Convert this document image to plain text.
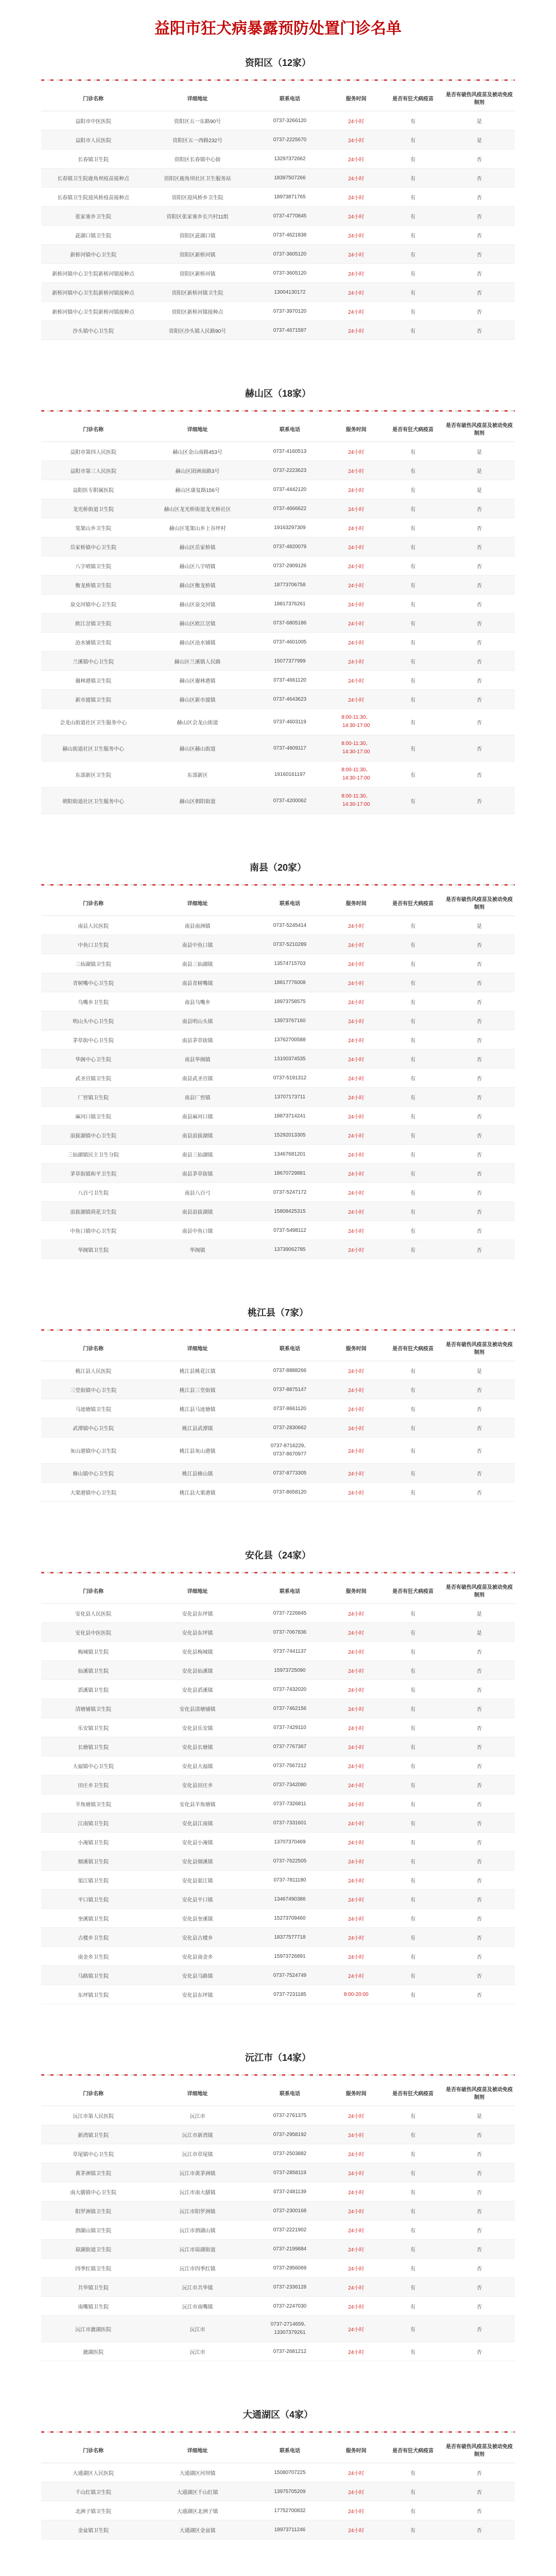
益阳市狂犬病暴露预防处置门诊名单
资阳区（12家）
门诊名称	详细地址	联系电话	服务时间	是否有狂犬病疫苗	是否有破伤风疫苗及被动免疫制剂
益阳市中医医院	资阳区五一东路90号	0737-3266120	24小时	有	是
益阳市人民医院	资阳区五一西路232号	0737-2225670	24小时	有	是
长春镇卫生院	资阳区长春镇中心街	13297372662	24小时	有	否
长春镇卫生院鹿角坝疫苗接种点	资阳区鹿角坝社区卫生服务站	18397507266	24小时	有	否
长春镇卫生院迎风桥疫苗接种点	资阳区迎风桥乡卫生院	18973871765	24小时	有	否
张家塞乡卫生院	资阳区张家塞乡长兴村11组	0737-4770845	24小时	有	否
茈湖口镇卫生院	资阳区茈湖口镇	0737-4621838	24小时	有	否
新桥河镇中心卫生院	资阳区新桥河镇	0737-3605120	24小时	有	否
新桥河镇中心卫生院新桥河镇接种点	资阳区新桥河镇	0737-3605120	24小时	有	否
新桥河镇中心卫生院新桥河镇接种点	资阳区新桥河镇卫生院	13004130172	24小时	有	否
新桥河镇中心卫生院新桥河镇接种点	资阳区新桥河镇接种点	0737-3970120	24小时	有	否
沙头镇中心卫生院	资阳区沙头镇人民路90号	0737-4671587	24小时	有	否
赫山区（18家）
门诊名称	详细地址	联系电话	服务时间	是否有狂犬病疫苗	是否有破伤风疫苗及被动免疫制剂
益阳市第四人民医院	赫山区金山南路453号	0737-4160513	24小时	有	是
益阳市第三人民医院	赫山区团洲南路3号	0737-2223623	24小时	有	是
益阳医专附属医院	赫山区康复路156号	0737-4442120	24小时	有	是
龙光桥街道卫生院	赫山区龙光桥街道龙光桥社区	0737-4666622	24小时	有	否
笔架山乡卫生院	赫山区笔架山乡上谷坪村	19163297309	24小时	有	否
岳家桥镇中心卫生院	赫山区岳家桥镇	0737-4820079	24小时	有	否
八字哨镇卫生院	赫山区八字哨镇	0737-2909126	24小时	有	否
衡龙桥镇卫生院	赫山区衡龙桥镇	18773706758	24小时	有	否
泉交河镇中心卫生院	赫山区泉交河镇	18817376261	24小时	有	否
欧江岔镇卫生院	赫山区欧江岔镇	0737-6805186	24小时	有	否
沧水铺镇卫生院	赫山区沧水铺镇	0737-4601005	24小时	有	否
兰溪镇中心卫生院	赫山区兰溪镇人民路	15077377999	24小时	有	否
谢林港镇卫生院	赫山区谢林港镇	0737-4661120	24小时	有	否
新市渡镇卫生院	赫山区新市渡镇	0737-4643623	24小时	有	否
会龙山街道社区卫生服务中心	赫山区会龙山街道	0737-4603119	8:00-11:30、
14:30-17:00	有	否
赫山街道社区卫生服务中心	赫山区赫山街道	0737-4609117	8:00-11:30、
14:30-17:00	有	否
东部新区卫生院	东部新区	19160161197	8:00-11:30、
14:30-17:00	有	否
朝阳街道社区卫生服务中心	赫山区朝阳街道	0737-4200062	8:00-11:30、
14:30-17:00	有	否
南县（20家）
门诊名称	详细地址	联系电话	服务时间	是否有狂犬病疫苗	是否有破伤风疫苗及被动免疫制剂
南县人民医院	南县南洲镇	0737-5245414	24小时	有	是
中鱼口卫生院	南县中鱼口镇	0737-5210289	24小时	有	否
三仙湖镇卫生院	南县三仙湖镇	13574715703	24小时	有	否
青树嘴中心卫生院	南县青树嘴镇	18817776008	24小时	有	否
乌嘴乡卫生院	南县乌嘴乡	18973758575	24小时	有	否
明山头中心卫生院	南县明山头镇	13973767160	24小时	有	否
茅草街中心卫生院	南县茅草街镇	13762700588	24小时	有	否
华阁中心卫生院	南县华阁镇	13100374535	24小时	有	否
武圣宫镇卫生院	南县武圣宫镇	0737-5191312	24小时	有	否
厂窖镇卫生院	南县厂窖镇	13707173711	24小时	有	否
麻河口镇卫生院	南县麻河口镇	18873714241	24小时	有	否
浪拔湖镇中心卫生院	南县浪拔湖镇	15292013305	24小时	有	否
三仙湖镇民主卫生分院	南县三仙湖镇	13467681201	24小时	有	否
茅草街镇和平卫生院	南县茅草街镇	18670729881	24小时	有	否
八百弓卫生院	南县八百弓	0737-5247172	24小时	有	否
浪拔湖镇荷花卫生院	南县浪拔湖镇	15808425315	24小时	有	否
中鱼口镇中心卫生院	南县中鱼口镇	0737-5498112	24小时	有	否
华阁镇卫生院	华阁镇	13739062785	24小时	有	否
桃江县（7家）
门诊名称	详细地址	联系电话	服务时间	是否有狂犬病疫苗	是否有破伤风疫苗及被动免疫制剂
桃江县人民医院	桃江县桃花江镇	0737-8888266	24小时	有	是
三堂街镇中心卫生院	桃江县三堂街镇	0737-8875147	24小时	有	否
马迹塘镇卫生院	桃江县马迹塘镇	0737-8661120	24小时	有	否
武潭镇中心卫生院	桃江县武潭镇	0737-2830662	24小时	有	否
灰山港镇中心卫生院	桃江县灰山港镇	0737-8716229、
0737-8670977	24小时	有	否
修山镇中心卫生院	桃江县修山镇	0737-8773305	24小时	有	否
大栗港镇中心卫生院	桃江县大栗港镇	0737-8658120	24小时	有	否
安化县（24家）
门诊名称	详细地址	联系电话	服务时间	是否有狂犬病疫苗	是否有破伤风疫苗及被动免疫制剂
安化县人民医院	安化县东坪镇	0737-7226845	24小时	有	是
安化县中医医院	安化县东坪镇	0737-7067836	24小时	有	是
梅城镇卫生院	安化县梅城镇	0737-7441137	24小时	有	否
仙溪镇卫生院	安化县仙溪镇	15973725090	24小时	有	否
滔溪镇卫生院	安化县滔溪镇	0737-7432020	24小时	有	否
清塘铺镇卫生院	安化县清塘铺镇	0737-7462156	24小时	有	否
乐安镇卫生院	安化县乐安镇	0737-7429110	24小时	有	否
长塘镇卫生院	安化县长塘镇	0737-7767367	24小时	有	否
大福镇中心卫生院	安化县大福镇	0737-7567212	24小时	有	否
田庄乡卫生院	安化县田庄乡	0737-7342080	24小时	有	否
羊角塘镇卫生院	安化县羊角塘镇	0737-7326811	24小时	有	否
江南镇卫生院	安化县江南镇	0737-7331601	24小时	有	否
小淹镇卫生院	安化县小淹镇	13707370469	24小时	有	否
烟溪镇卫生院	安化县烟溪镇	0737-7622505	24小时	有	否
渠江镇卫生院	安化县渠江镇	0737-7811180	24小时	有	否
平口镇卫生院	安化县平口镇	13467490386	24小时	有	否
奎溪镇卫生院	安化县奎溪镇	15273709460	24小时	有	否
古楼乡卫生院	安化县古楼乡	18377577718	24小时	有	否
南金乡卫生院	安化县南金乡	15973726891	24小时	有	否
马路镇卫生院	安化县马路镇	0737-7524749	24小时	有	否
东坪镇卫生院	安化县东坪镇	0737-7231185	8:00-20:00	有	否
沅江市（14家）
门诊名称	详细地址	联系电话	服务时间	是否有狂犬病疫苗	是否有破伤风疫苗及被动免疫制剂
沅江市第人民医院	沅江市	0737-2761375	24小时	有	是
新湾镇卫生院	沅江市新湾镇	0737-2958192	24小时	有	否
草尾镇中心卫生院	沅江市草尾镇	0737-2503882	24小时	有	否
黄茅洲镇卫生院	沅江市黄茅洲镇	0737-2858119	24小时	有	否
南大膳镇中心卫生院	沅江市南大膳镇	0737-2481139	24小时	有	否
阳罗洲镇卫生院	沅江市阳罗洲镇	0737-2300168	24小时	有	否
泗湖山镇卫生院	沅江市泗湖山镇	0737-2221902	24小时	有	否
琼湖街道卫生院	沅江市琼湖街道	0737-2199884	24小时	有	否
四季红镇卫生院	沅江市四季红镇	0737-2956069	24小时	有	否
共华镇卫生院	沅江市共华镇	0737-2336128	24小时	有	否
南嘴镇卫生院	沅江市南嘴镇	0737-2247030	24小时	有	否
沅江市漉湖医院	沅江市	0737-2714659、
13307379261	24小时	有	否
漉湖医院	沅江市	0737-2681212	24小时	有	否
大通湖区（4家）
门诊名称	详细地址	联系电话	服务时间	是否有狂犬病疫苗	是否有破伤风疫苗及被动免疫制剂
大通湖区人民医院	大通湖区河坝镇	15080707225	24小时	有	否
千山红镇卫生院	大通湖区千山红镇	13975705209	24小时	有	否
北洲子镇卫生院	大通湖区北洲子镇	17752700832	24小时	有	否
金盆镇卫生院	大通湖区金盆镇	18973711246	24小时	有	否
